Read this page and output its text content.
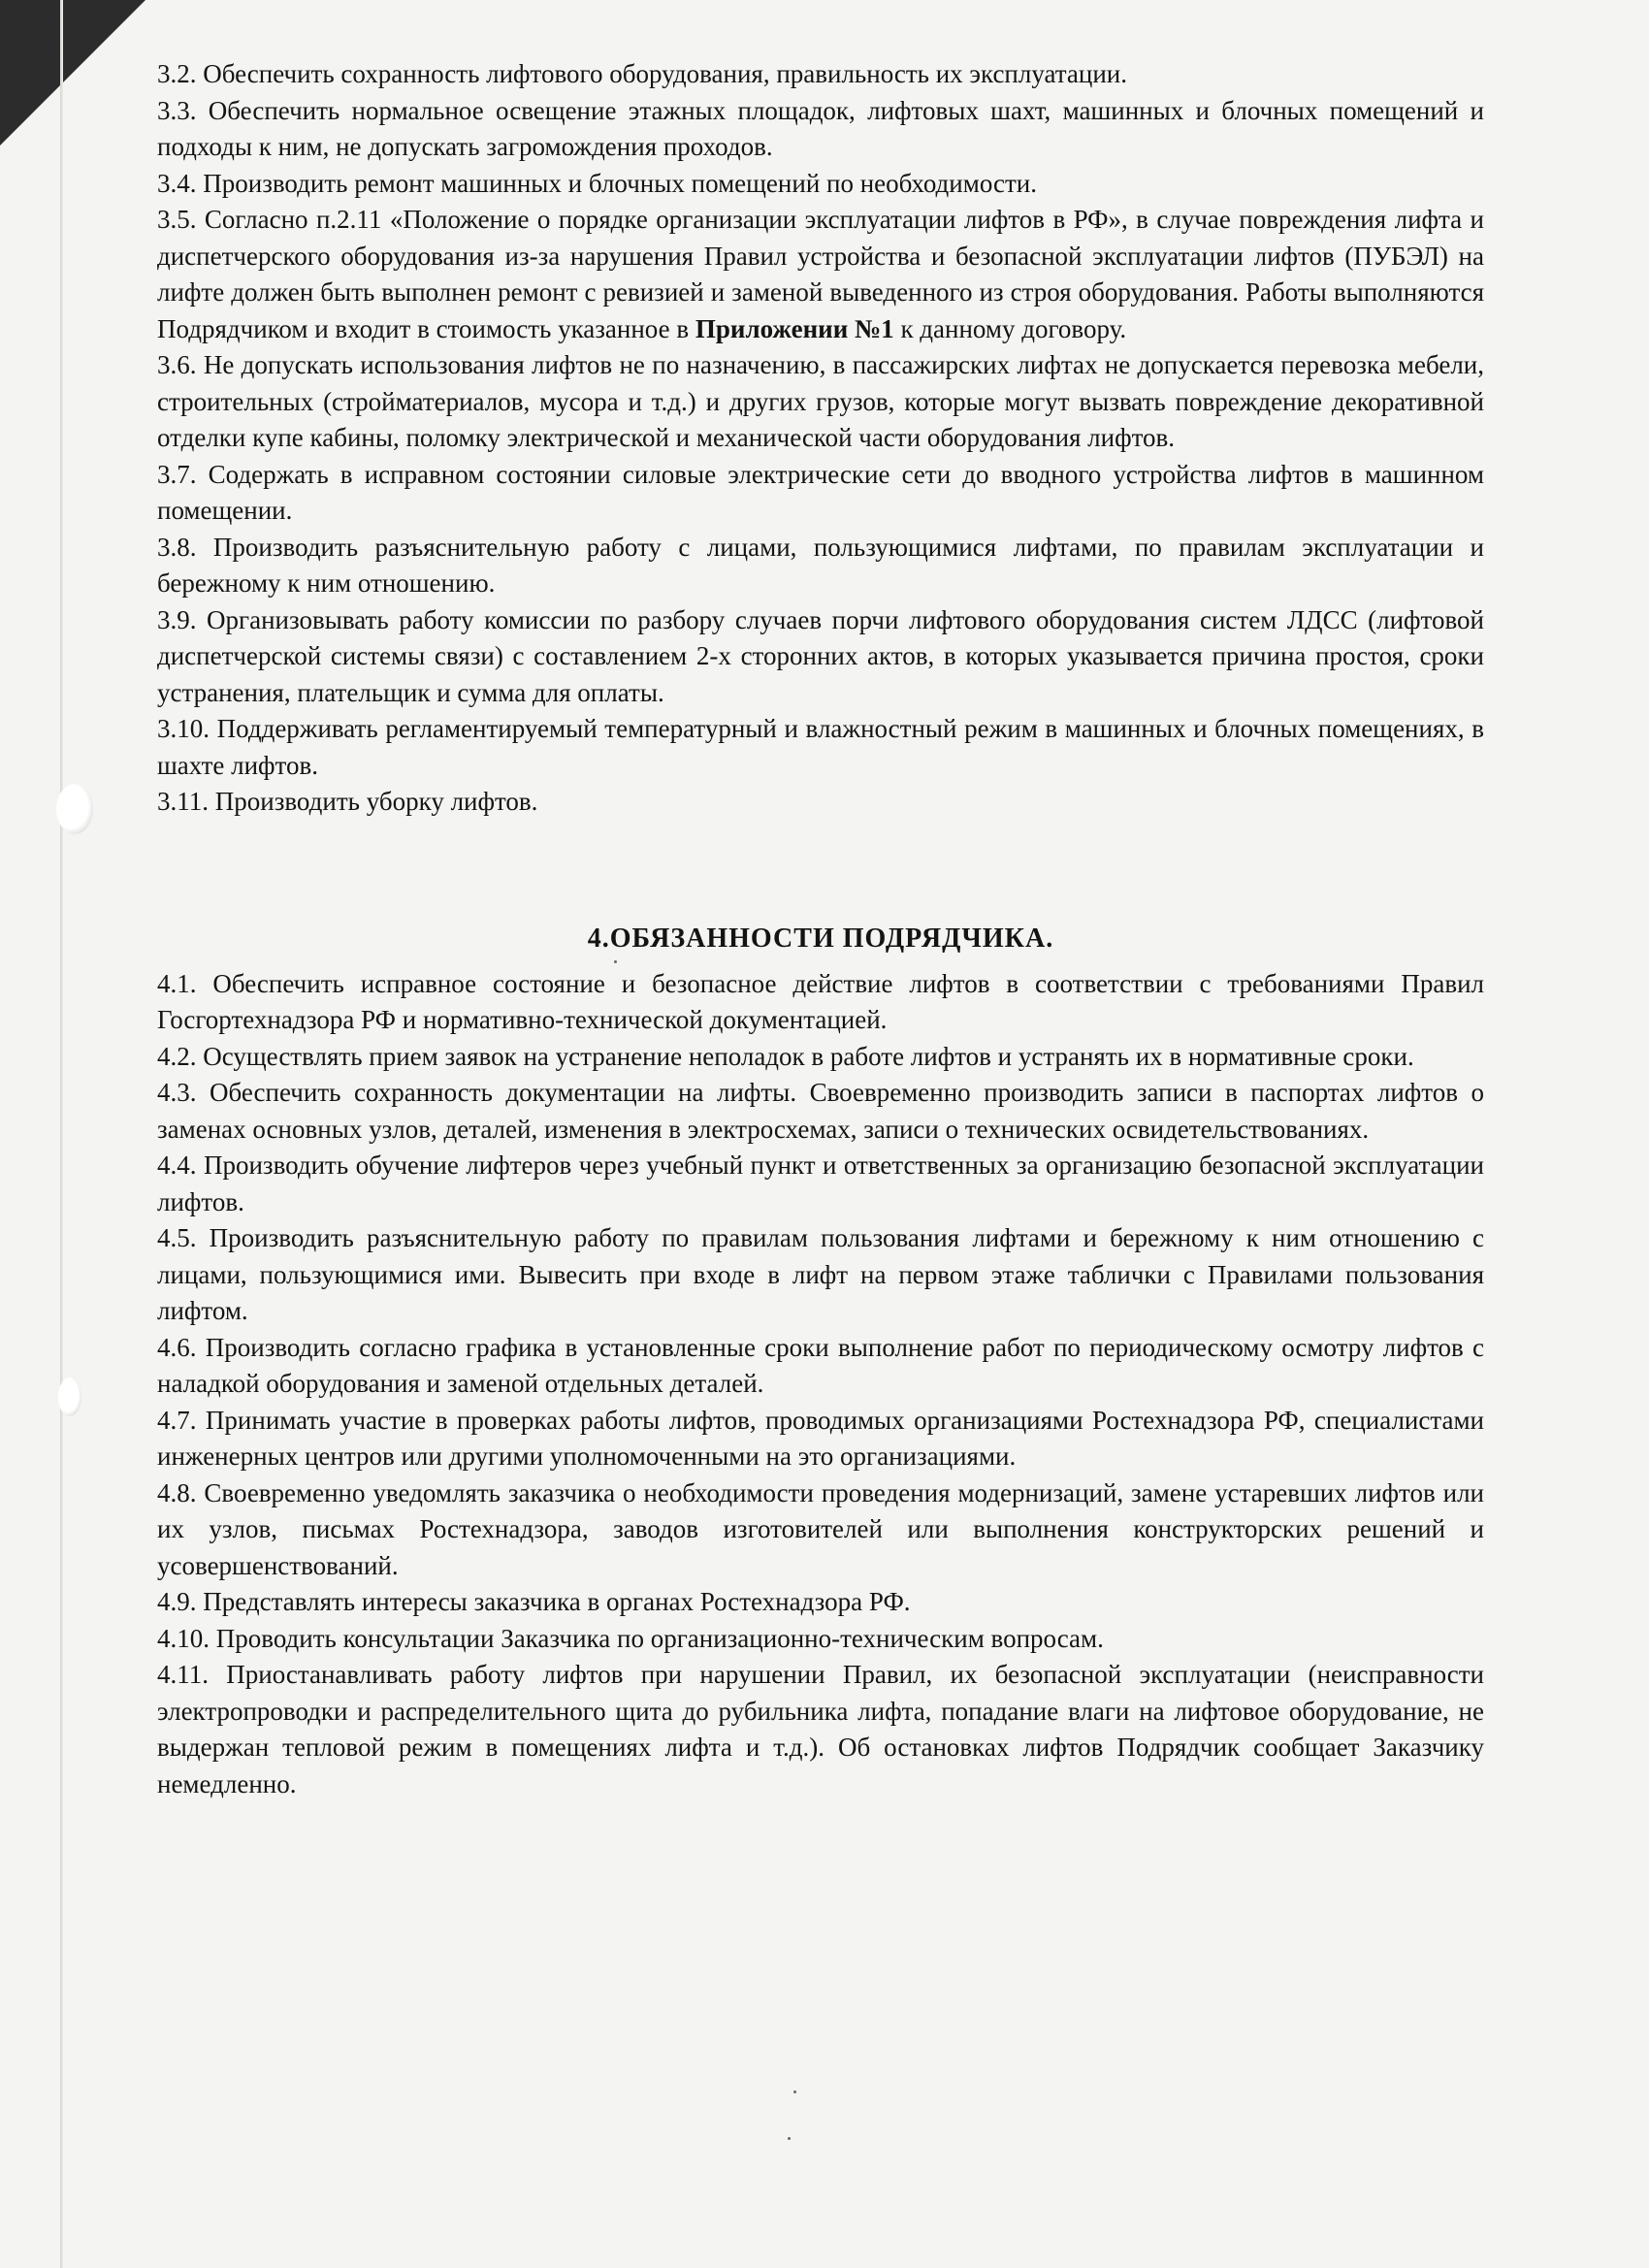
3.2. Обеспечить сохранность лифтового оборудования, правильность их эксплуатации.

3.3. Обеспечить нормальное освещение этажных площадок, лифтовых шахт, машинных и блочных помещений и подходы к ним, не допускать загромождения проходов.

3.4. Производить ремонт машинных и блочных помещений по необходимости.

3.5. Согласно п.2.11 «Положение о порядке организации эксплуатации лифтов в РФ», в случае повреждения лифта и диспетчерского оборудования из-за нарушения Правил устройства и безопасной эксплуатации лифтов (ПУБЭЛ) на лифте должен быть выполнен ремонт с ревизией и заменой выведенного из строя оборудования. Работы выполняются Подрядчиком и входит в стоимость указанное в Приложении №1 к данному договору.

3.6. Не допускать использования лифтов не по назначению, в пассажирских лифтах не допускается перевозка мебели, строительных (стройматериалов, мусора и т.д.) и других грузов, которые могут вызвать повреждение декоративной отделки купе кабины, поломку электрической и механической части оборудования лифтов.

3.7. Содержать в исправном состоянии силовые электрические сети до вводного устройства лифтов в машинном помещении.

3.8. Производить разъяснительную работу с лицами, пользующимися лифтами, по правилам эксплуатации и бережному к ним отношению.

3.9. Организовывать работу комиссии по разбору случаев порчи лифтового оборудования систем ЛДСС (лифтовой диспетчерской системы связи) с составлением 2-х сторонних актов, в которых указывается причина простоя, сроки устранения, плательщик и сумма для оплаты.

3.10. Поддерживать регламентируемый температурный и влажностный режим в машинных и блочных помещениях, в шахте лифтов.

3.11. Производить уборку лифтов.

4.ОБЯЗАННОСТИ ПОДРЯДЧИКА.

4.1. Обеспечить исправное состояние и безопасное действие лифтов в соответствии с требованиями Правил Госгортехнадзора РФ и нормативно-технической документацией.

4.2. Осуществлять прием заявок на устранение неполадок в работе лифтов и устранять их в нормативные сроки.

4.3. Обеспечить сохранность документации на лифты. Своевременно производить записи в паспортах лифтов о заменах основных узлов, деталей, изменения в электросхемах, записи о технических освидетельствованиях.

4.4. Производить обучение лифтеров через учебный пункт и ответственных за организацию безопасной эксплуатации лифтов.

4.5. Производить разъяснительную работу по правилам пользования лифтами и бережному к ним отношению с лицами, пользующимися ими. Вывесить при входе в лифт на первом этаже таблички с Правилами пользования лифтом.

4.6. Производить согласно графика в установленные сроки выполнение работ по периодическому осмотру лифтов с наладкой оборудования и заменой отдельных деталей.

4.7. Принимать участие в проверках работы лифтов, проводимых организациями Ростехнадзора РФ, специалистами инженерных центров или другими уполномоченными на это организациями.

4.8. Своевременно уведомлять заказчика о необходимости проведения модернизаций, замене устаревших лифтов или их узлов, письмах Ростехнадзора, заводов изготовителей или выполнения конструкторских решений и усовершенствований.

4.9. Представлять интересы заказчика в органах Ростехнадзора РФ.

4.10. Проводить консультации Заказчика по организационно-техническим вопросам.

4.11. Приостанавливать работу лифтов при нарушении Правил, их безопасной эксплуатации (неисправности электропроводки и распределительного щита до рубильника лифта, попадание влаги на лифтовое оборудование, не выдержан тепловой режим в помещениях лифта и т.д.). Об остановках лифтов Подрядчик сообщает Заказчику немедленно.
